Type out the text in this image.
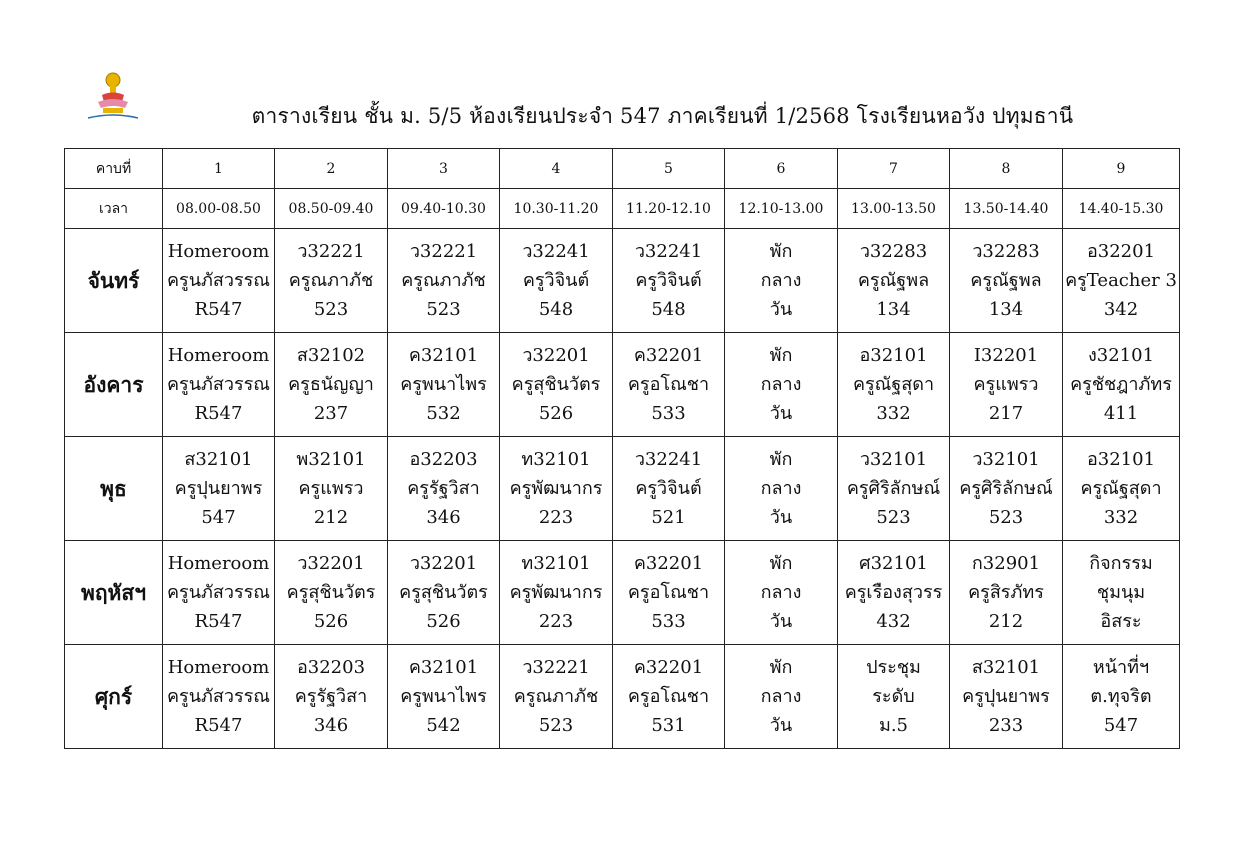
ตารางเรียน ชั้น ม. 5/5 ห้องเรียนประจำ 547 ภาคเรียนที่ 1/2568 โรงเรียนหอวัง ปทุมธานี
คาบที่	1	2	3	4	5	6	7	8	9
เวลา	08.00-08.50	08.50-09.40	09.40-10.30	10.30-11.20	11.20-12.10	12.10-13.00	13.00-13.50	13.50-14.40	14.40-15.30
จันทร์	Homeroom
ครูนภัสวรรณ
R547	ว32221
ครูณภาภัช
523	ว32221
ครูณภาภัช
523	ว32241
ครูวิจินต์
548	ว32241
ครูวิจินต์
548	พัก
กลาง
วัน	ว32283
ครูณัฐพล
134	ว32283
ครูณัฐพล
134	อ32201
ครูTeacher 3
342

อังคาร	Homeroom
ครูนภัสวรรณ
R547	ส32102
ครูธนัญญา
237	ค32101
ครูพนาไพร
532	ว32201
ครูสุชินวัตร
526	ค32201
ครูอโณชา
533	พัก
กลาง
วัน	อ32101
ครูณัฐสุดา
332	I32201
ครูแพรว
217	ง32101
ครูชัชฎาภัทร
411

พุธ	ส32101
ครูปุนยาพร
547	พ32101
ครูแพรว
212	อ32203
ครูรัฐวิสา
346	ท32101
ครูพัฒนากร
223	ว32241
ครูวิจินต์
521	พัก
กลาง
วัน	ว32101
ครูศิริลักษณ์
523	ว32101
ครูศิริลักษณ์
523	อ32101
ครูณัฐสุดา
332

พฤหัสฯ	Homeroom
ครูนภัสวรรณ
R547	ว32201
ครูสุชินวัตร
526	ว32201
ครูสุชินวัตร
526	ท32101
ครูพัฒนากร
223	ค32201
ครูอโณชา
533	พัก
กลาง
วัน	ศ32101
ครูเรืองสุวรร
432	ก32901
ครูสิรภัทร
212	กิจกรรม
ชุมนุม
อิสระ

ศุกร์	Homeroom
ครูนภัสวรรณ
R547	อ32203
ครูรัฐวิสา
346	ค32101
ครูพนาไพร
542	ว32221
ครูณภาภัช
523	ค32201
ครูอโณชา
531	พัก
กลาง
วัน	ประชุม
ระดับ
ม.5	ส32101
ครูปุนยาพร
233	หน้าที่ฯ
ต.ทุจริต
547
